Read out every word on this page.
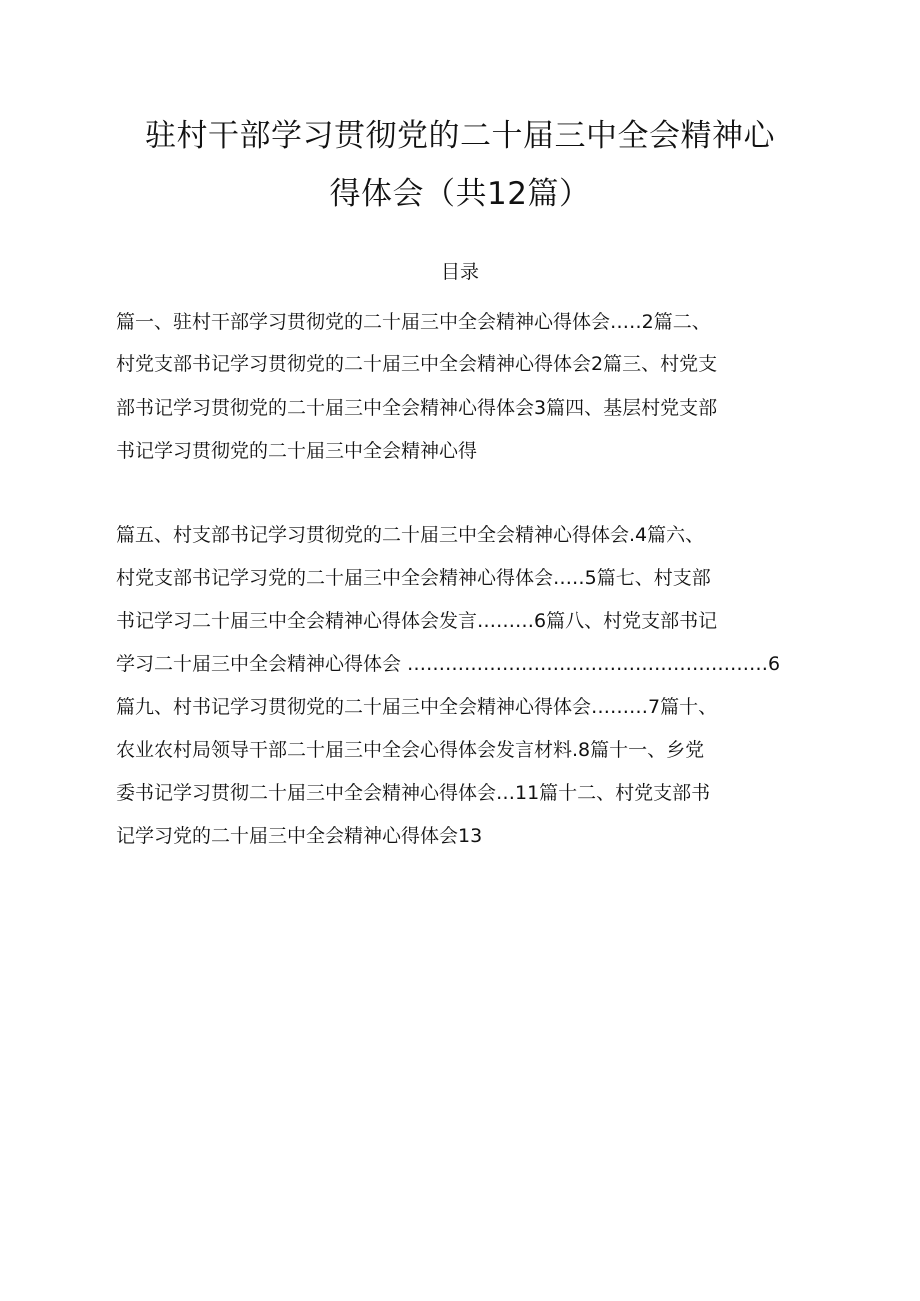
驻村干部学习贯彻党的二十届三中全会精神心
得体会（共12篇）
目录
篇一、驻村干部学习贯彻党的二十届三中全会精神心得体会…‥2篇二、
村党支部书记学习贯彻党的二十届三中全会精神心得体会2篇三、村党支
部书记学习贯彻党的二十届三中全会精神心得体会3篇四、基层村党支部
书记学习贯彻党的二十届三中全会精神心得
篇五、村支部书记学习贯彻党的二十届三中全会精神心得体会.4篇六、
村党支部书记学习党的二十届三中全会精神心得体会‥…5篇七、村支部
书记学习二十届三中全会精神心得体会发言………6篇八、村党支部书记
学习二十届三中全会精神心得体会 …………………………………………………6
篇九、村书记学习贯彻党的二十届三中全会精神心得体会………7篇十、
农业农村局领导干部二十届三中全会心得体会发言材料.8篇十一、乡党
委书记学习贯彻二十届三中全会精神心得体会…11篇十二、村党支部书
记学习党的二十届三中全会精神心得体会13
